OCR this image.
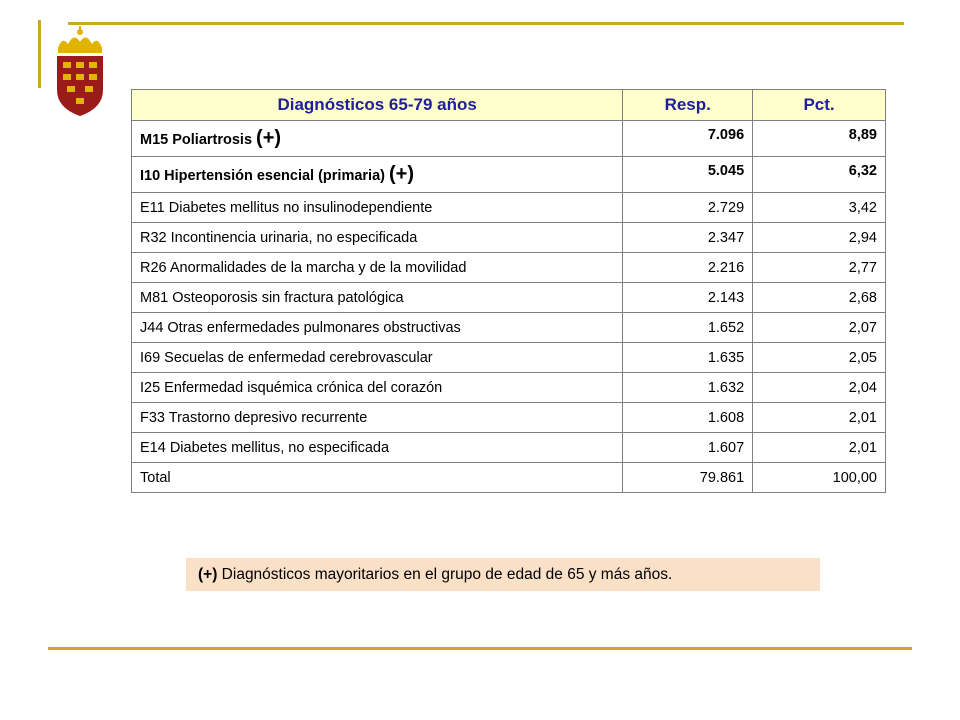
Diagnósticos 65-79 años	Resp.	Pct.
M15 Poliartrosis (+)	7.096	8,89
I10 Hipertensión esencial (primaria) (+)	5.045	6,32
E11 Diabetes mellitus no insulinodependiente	2.729	3,42
R32 Incontinencia urinaria, no especificada	2.347	2,94
R26 Anormalidades de la marcha y de la movilidad	2.216	2,77
M81 Osteoporosis sin fractura patológica	2.143	2,68
J44 Otras enfermedades pulmonares obstructivas	1.652	2,07
I69 Secuelas de enfermedad cerebrovascular	1.635	2,05
I25 Enfermedad isquémica crónica del corazón	1.632	2,04
F33 Trastorno depresivo recurrente	1.608	2,01
E14 Diabetes mellitus, no especificada	1.607	2,01
Total	79.861	100,00
(+) Diagnósticos mayoritarios en el grupo de edad de 65 y más años.
